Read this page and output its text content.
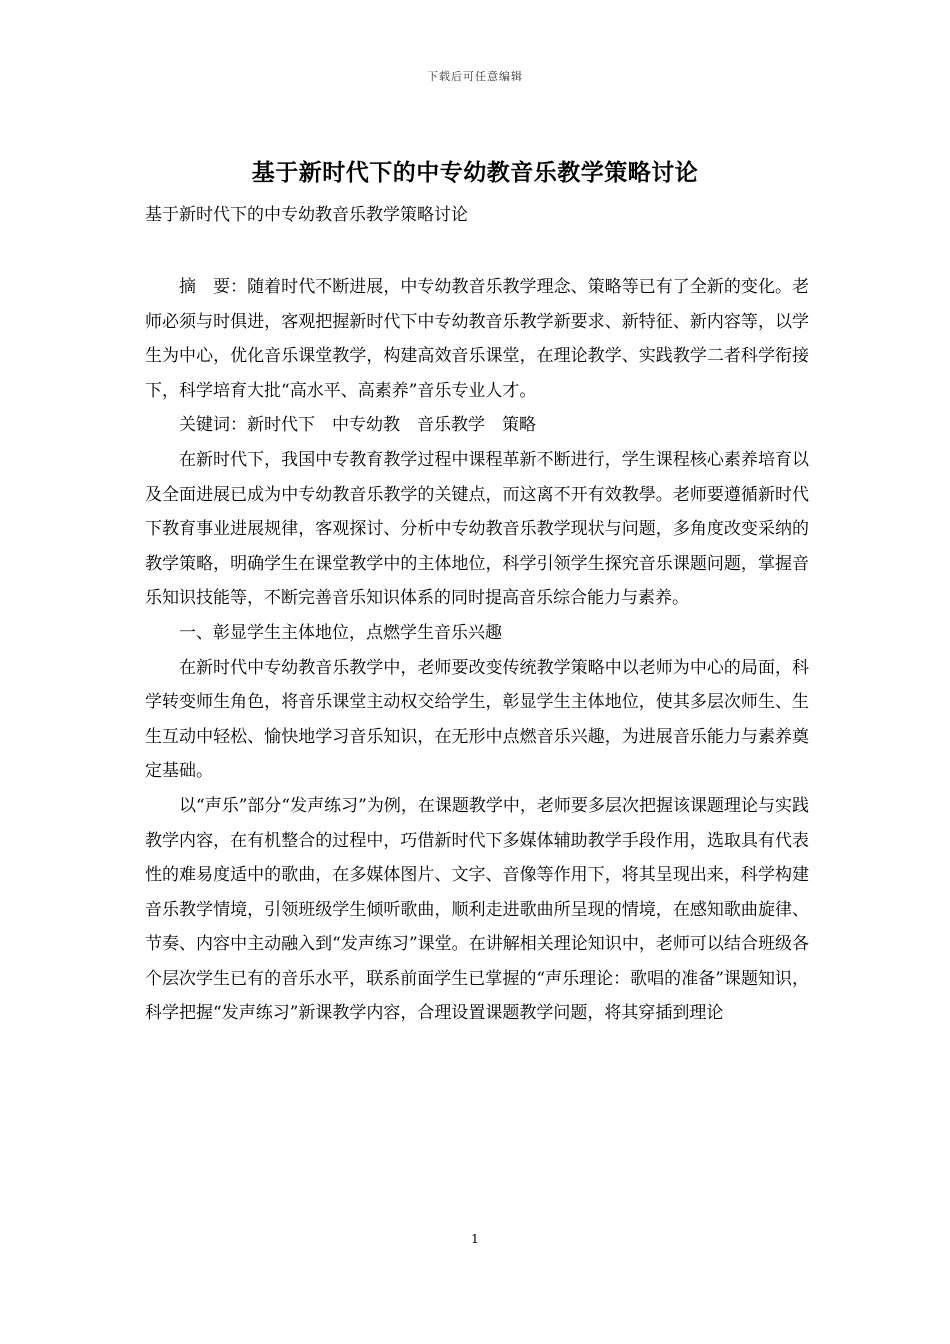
下载后可任意编辑
基于新时代下的中专幼教音乐教学策略讨论
基于新时代下的中专幼教音乐教学策略讨论

摘　要：随着时代不断进展，中专幼教音乐教学理念、策略等已有了全新的变化。老师必须与时俱进，客观把握新时代下中专幼教音乐教学新要求、新特征、新内容等，以学生为中心，优化音乐课堂教学，构建高效音乐课堂，在理论教学、实践教学二者科学衔接下，科学培育大批“高水平、高素养”音乐专业人才。

关键词：新时代下　中专幼教　音乐教学　策略

在新时代下，我国中专教育教学过程中课程革新不断进行，学生课程核心素养培育以及全面进展已成为中专幼教音乐教学的关键点，而这离不开有效教學。老师要遵循新时代下教育事业进展规律，客观探讨、分析中专幼教音乐教学现状与问题，多角度改变采纳的教学策略，明确学生在课堂教学中的主体地位，科学引领学生探究音乐课题问题，掌握音乐知识技能等，不断完善音乐知识体系的同时提高音乐综合能力与素养。

一、彰显学生主体地位，点燃学生音乐兴趣

在新时代中专幼教音乐教学中，老师要改变传统教学策略中以老师为中心的局面，科学转变师生角色，将音乐课堂主动权交给学生，彰显学生主体地位，使其多层次师生、生生互动中轻松、愉快地学习音乐知识，在无形中点燃音乐兴趣，为进展音乐能力与素养奠定基础。

以“声乐”部分“发声练习”为例，在课题教学中，老师要多层次把握该课题理论与实践教学内容，在有机整合的过程中，巧借新时代下多媒体辅助教学手段作用，选取具有代表性的难易度适中的歌曲，在多媒体图片、文字、音像等作用下，将其呈现出来，科学构建音乐教学情境，引领班级学生倾听歌曲，顺利走进歌曲所呈现的情境，在感知歌曲旋律、节奏、内容中主动融入到“发声练习”课堂。在讲解相关理论知识中，老师可以结合班级各个层次学生已有的音乐水平，联系前面学生已掌握的“声乐理论：歌唱的准备”课题知识，科学把握“发声练习”新课教学内容，合理设置课题教学问题，将其穿插到理论

1
